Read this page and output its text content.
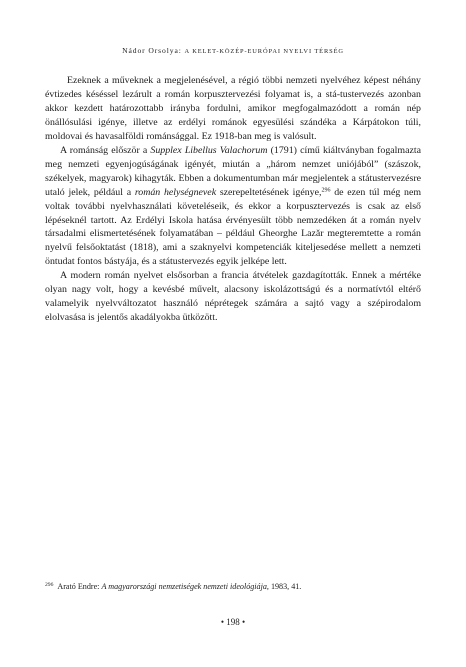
Nádor Orsolya: A KELET-KÖZÉP-EURÓPAI NYELVI TÉRSÉG

Ezeknek a műveknek a megjelenésével, a régió többi nemzeti nyelvéhez képest néhány évtizedes késéssel lezárult a román korpusztervezési folyamat is, a stá-tustervezés azonban akkor kezdett határozottabb irányba fordulni, amikor megfogalmazódott a román nép önállósulási igénye, illetve az erdélyi románok egyesülési szándéka a Kárpátokon túli, moldovai és havasalföldi románsággal. Ez 1918-ban meg is valósult.

A románság először a Supplex Libellus Valachorum (1791) című kiáltványban fogalmazta meg nemzeti egyenjogúságának igényét, miután a „három nemzet uniójából” (szászok, székelyek, magyarok) kihagyták. Ebben a dokumentumban már megjelentek a státustervezésre utaló jelek, például a román helységnevek szerepeltetésének igénye,$^{296}$ de ezen túl még nem voltak további nyelvhasználati követeléseik, és ekkor a korpusztervezés is csak az első lépéseknél tartott. Az Erdélyi Iskola hatása érvényesült több nemzedéken át a román nyelv társadalmi elismertetésének folyamatában – például Gheorghe Lazăr megteremtette a román nyelvű felsőoktatást (1818), ami a szaknyelvi kompetenciák kiteljesedése mellett a nemzeti öntudat fontos bástyája, és a státustervezés egyik jelképe lett.

A modern román nyelvet elsősorban a francia átvételek gazdagították. Ennek a mértéke olyan nagy volt, hogy a kevésbé művelt, alacsony iskolázottságú és a normatívtól eltérő valamelyik nyelvváltozatot használó néprétegek számára a sajtó vagy a szépirodalom elolvasása is jelentős akadályokba ütközött.

$^{296}$ Arató Endre: A magyarországi nemzetiségek nemzeti ideológiája, 1983, 41.
• 198 •
